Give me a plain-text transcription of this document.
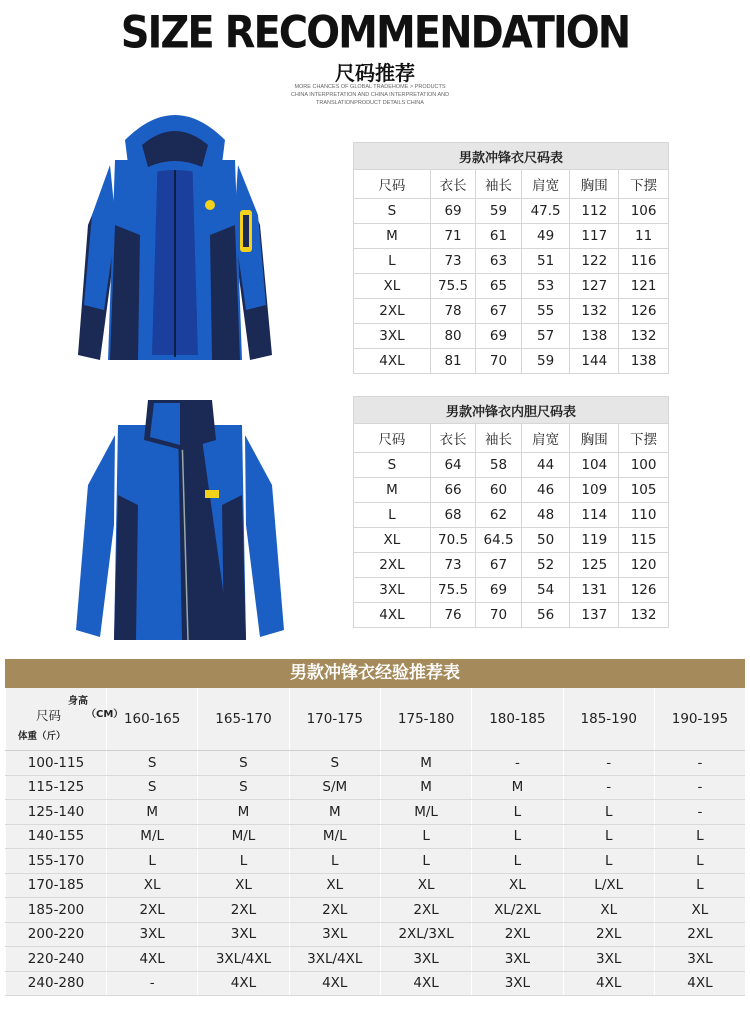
SIZE RECOMMENDATION
尺码推荐
MORE CHANCES OF GLOBAL TRADEHOME > PRODUCTS
CHINA INTERPRETATION AND CHINA INTERPRETATION AND
TRANSLATIONPRODUCT DETAILS CHINA
男款冲锋衣尺码表					
尺码	衣长	袖长	肩宽	胸围	下摆
S	69	59	47.5	112	106
M	71	61	49	117	11
L	73	63	51	122	116
XL	75.5	65	53	127	121
2XL	78	67	55	132	126
3XL	80	69	57	138	132
4XL	81	70	59	144	138
男款冲锋衣内胆尺码表					
尺码	衣长	袖长	肩宽	胸围	下摆
S	64	58	44	104	100
M	66	60	46	109	105
L	68	62	48	114	110
XL	70.5	64.5	50	119	115
2XL	73	67	52	125	120
3XL	75.5	69	54	131	126
4XL	76	70	56	137	132
男款冲锋衣经验推荐表
身高
（CM）
尺码
体重（斤）	160-165	165-170	170-175	175-180	180-185	185-190	190-195
100-115	S	S	S	M	-	-	-
115-125	S	S	S/M	M	M	-	-
125-140	M	M	M	M/L	L	L	-
140-155	M/L	M/L	M/L	L	L	L	L
155-170	L	L	L	L	L	L	L
170-185	XL	XL	XL	XL	XL	L/XL	L
185-200	2XL	2XL	2XL	2XL	XL/2XL	XL	XL
200-220	3XL	3XL	3XL	2XL/3XL	2XL	2XL	2XL
220-240	4XL	3XL/4XL	3XL/4XL	3XL	3XL	3XL	3XL
240-280	-	4XL	4XL	4XL	3XL	4XL	4XL
